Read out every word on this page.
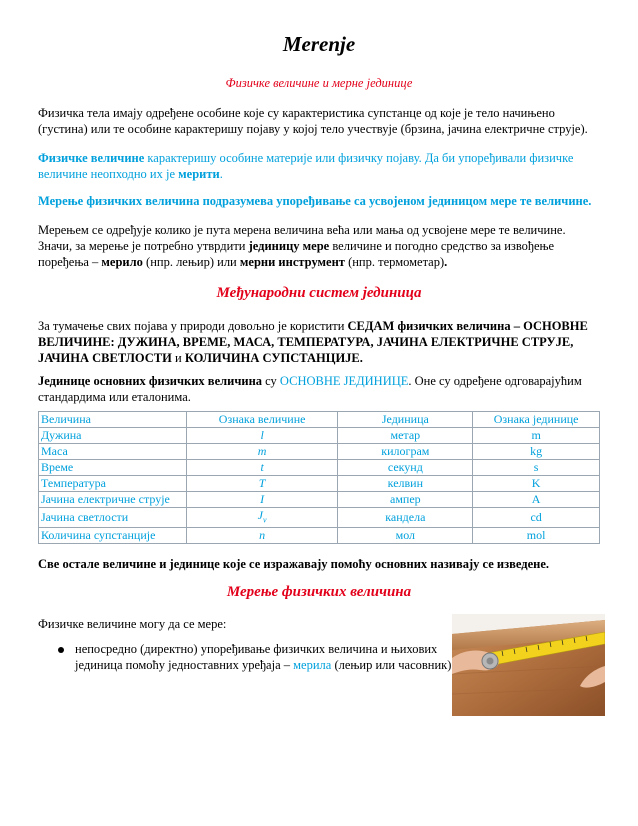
Merenje
Физичке величине и мерне јединице
Физичка тела имају одређене особине које су карактеристика супстанце од које је тело начињено (густина) или те особине карактеришу појаву у којој тело учествује (брзина, јачина електричне струје).
Физичке величине карактеришу особине материје или физичку појаву. Да би упоређивали физичке величине неопходно их је мерити.
Мерењe физичких величина подразумева упоређивање са усвојеном јединицом мере те величине.
Мерењем се одређује колико је пута мерена величина већа или мања од усвојене мере те величине. Значи, за мерење је потребно утврдити јединицу мере величине и погодно средство за извођење поређења – мерило (нпр. лењир) или мерни инструмент (нпр. термометар).
Међународни систем јединица
За тумачење свих појава у природи довољно је користити СЕДАМ физичких величина – ОСНОВНЕ ВЕЛИЧИНЕ: ДУЖИНА, ВРЕМЕ, МАСА, ТЕМПЕРАТУРА, ЈАЧИНА ЕЛЕКТРИЧНЕ СТРУЈЕ, ЈАЧИНА СВЕТЛОСТИ и КОЛИЧИНА СУПСТАНЦИЈЕ.
Јединице основних физичких величина су ОСНОВНЕ ЈЕДИНИЦЕ. Оне су одређене одговарајућим стандардима или еталонима.
Величина	Ознака величине	Јединица	Ознака јединице
Дужина	l	метар	m
Маса	m	килограм	kg
Време	t	секунд	s
Температура	T	келвин	K
Јачина електричне струје	I	ампер	A
Јачина светлости	$J_v$	кандела	cd
Количина супстанције	n	мол	mol
Све остале величине и јединице које се изражавају помоћу основних називају се изведене.
Мерење физичких величина
Физичке величине могу да се мере:
непосредно (директно) упоређивање физичких величина и њихових јединица помоћу једноставних уређаја – мерила (лењир или часовник)
